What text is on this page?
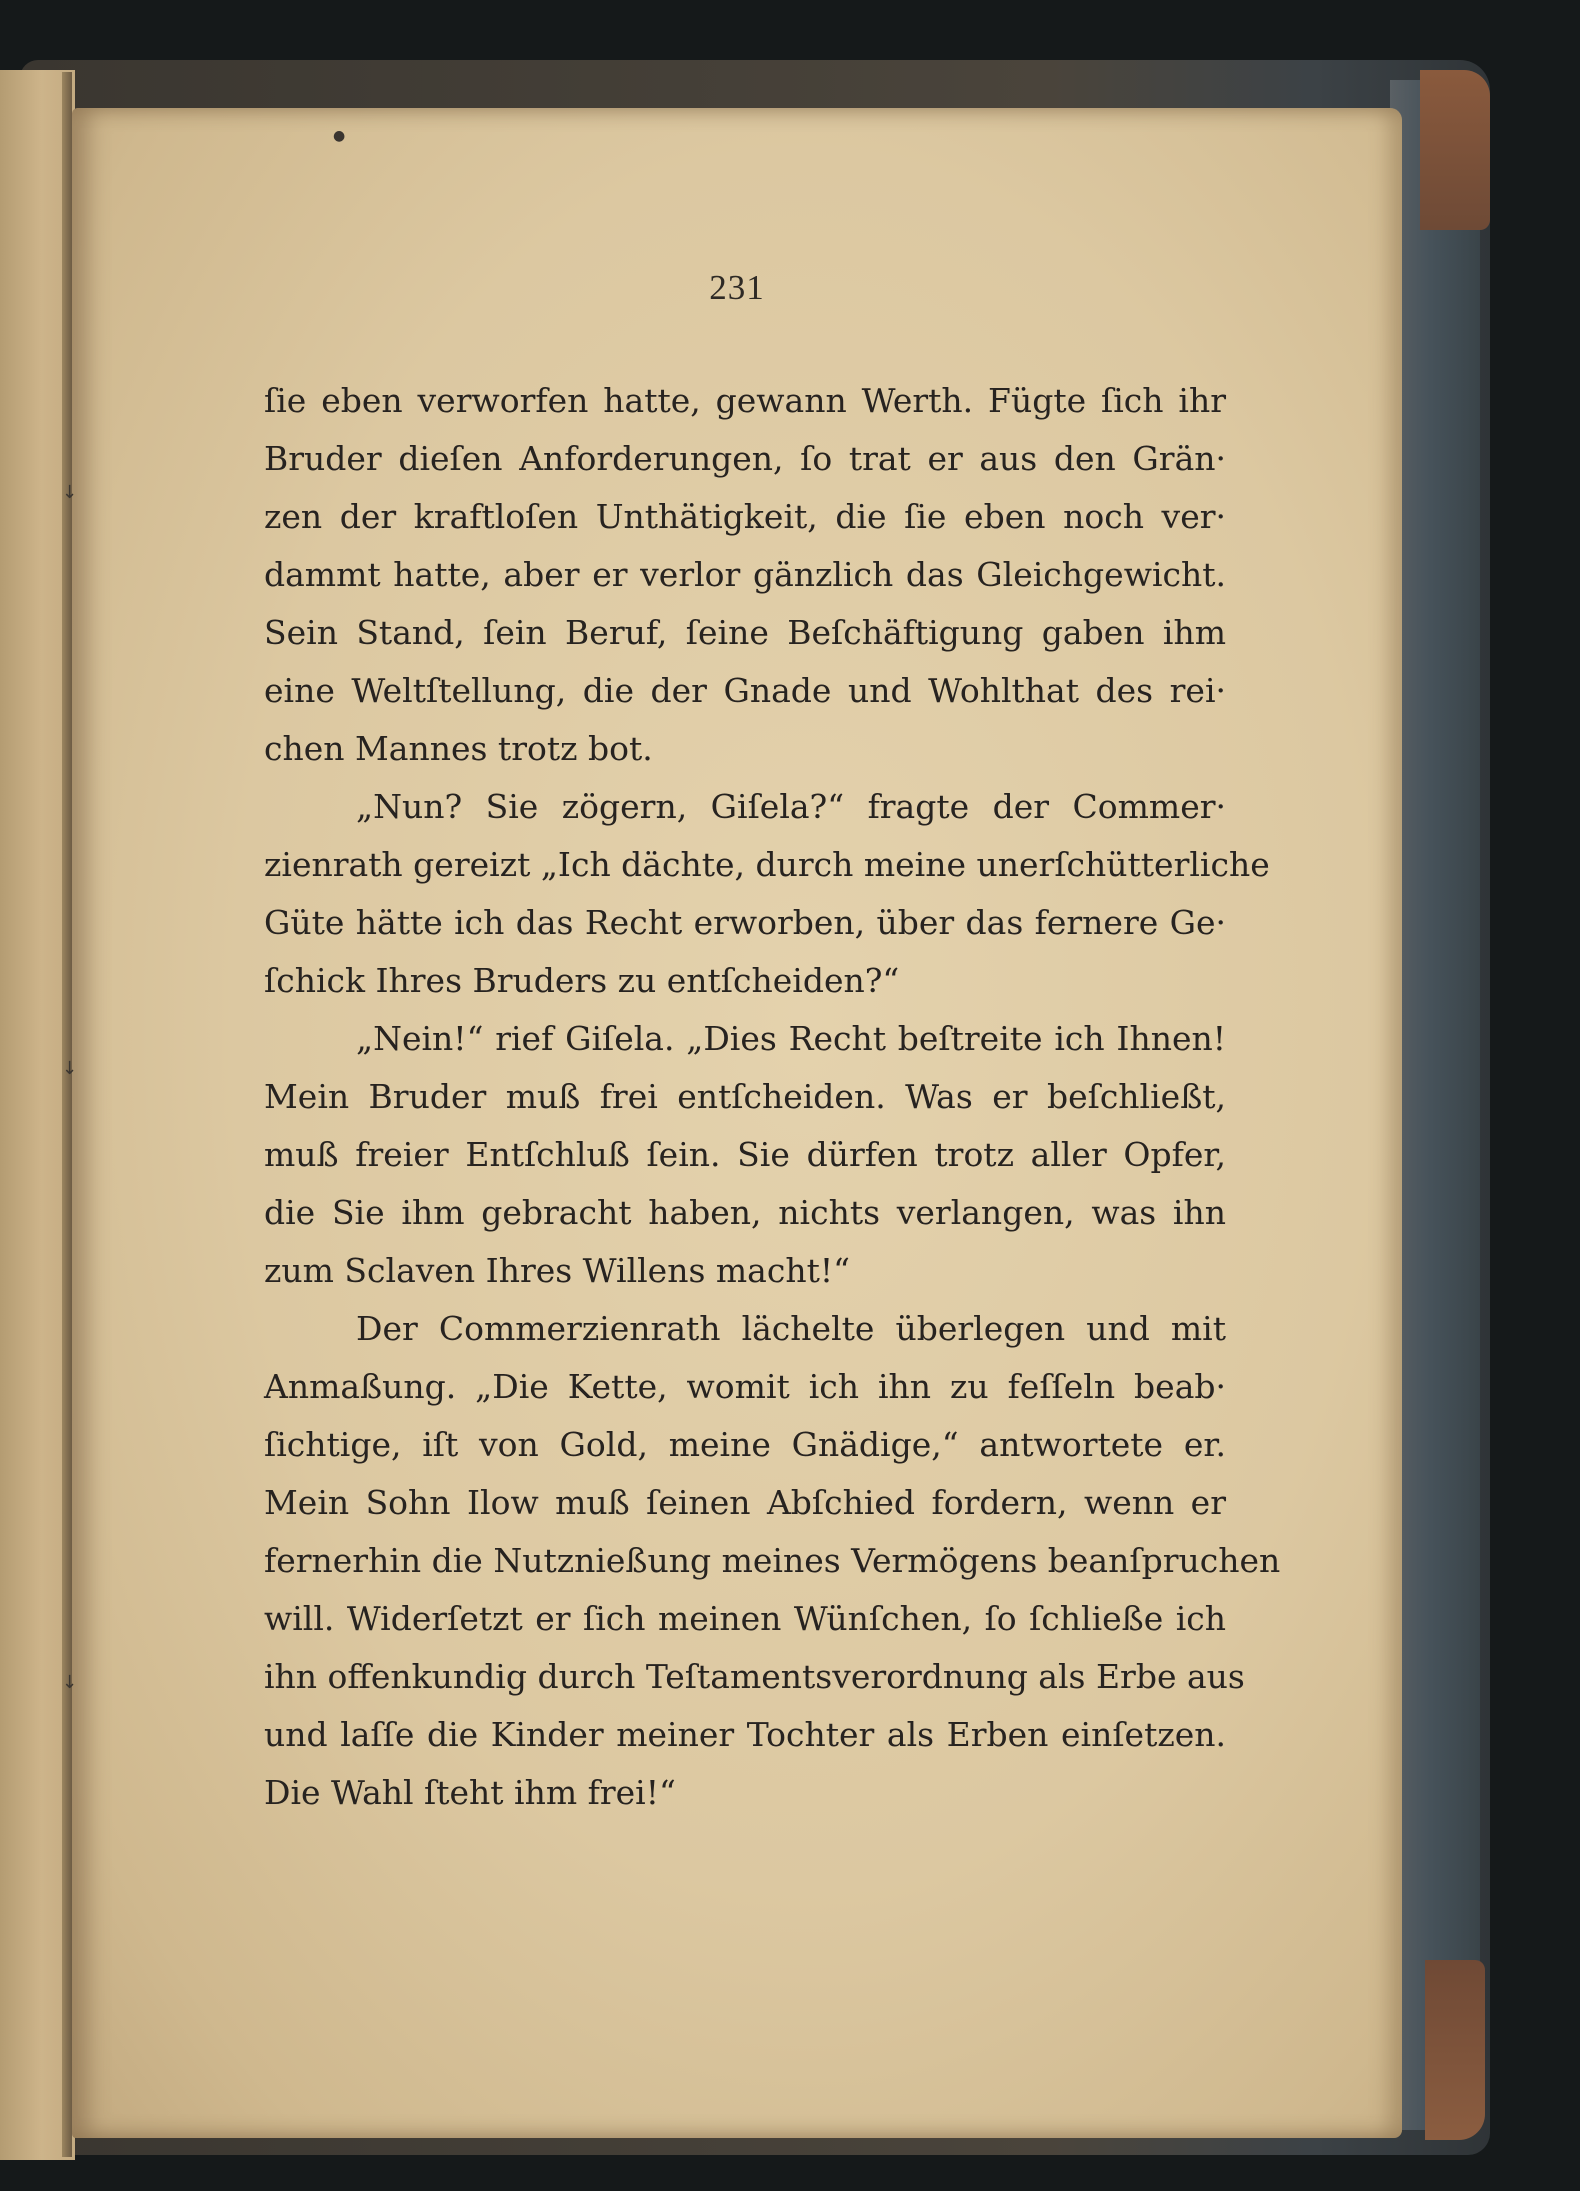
231
ſie eben verworfen hatte, gewann Werth. Fügte ſich ihr
Bruder dieſen Anforderungen, ſo trat er aus den Grän·
zen der kraftloſen Unthätigkeit, die ſie eben noch ver·
dammt hatte, aber er verlor gänzlich das Gleichgewicht.
Sein Stand, ſein Beruf, ſeine Beſchäftigung gaben ihm
eine Weltſtellung, die der Gnade und Wohlthat des rei·
chen Mannes trotz bot.
„Nun? Sie zögern, Giſela?“ fragte der Commer·
zienrath gereizt „Ich dächte, durch meine unerſchütterliche
Güte hätte ich das Recht erworben, über das fernere Ge·
ſchick Ihres Bruders zu entſcheiden?“
„Nein!“ rief Giſela. „Dies Recht beſtreite ich Ihnen!
Mein Bruder muß frei entſcheiden. Was er beſchließt,
muß freier Entſchluß ſein. Sie dürfen trotz aller Opfer,
die Sie ihm gebracht haben, nichts verlangen, was ihn
zum Sclaven Ihres Willens macht!“
Der Commerzienrath lächelte überlegen und mit
Anmaßung. „Die Kette, womit ich ihn zu feſſeln beab·
ſichtige, iſt von Gold, meine Gnädige,“ antwortete er.
Mein Sohn Ilow muß ſeinen Abſchied fordern, wenn er
fernerhin die Nutznießung meines Vermögens beanſpruchen
will. Widerſetzt er ſich meinen Wünſchen, ſo ſchließe ich
ihn offenkundig durch Teſtamentsverordnung als Erbe aus
und laſſe die Kinder meiner Tochter als Erben einſetzen.
Die Wahl ſteht ihm frei!“
●
↓
↓
↓
